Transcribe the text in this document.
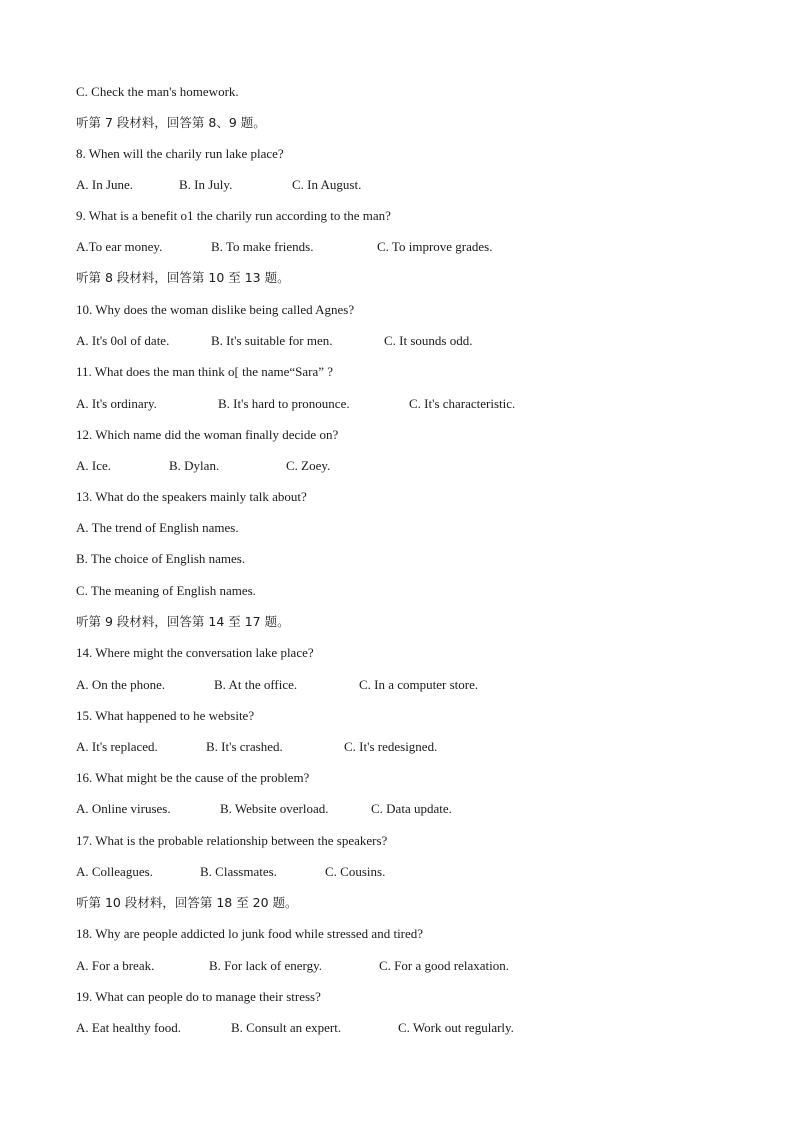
C. Check the man's homework.
听第 7 段材料，回答第 8、9 题。
8. When will the charily run lake place?
A. In June.	B. In July.	C. In August.
9. What is a benefit o1 the charily run according to the man?
A.To ear money.	B. To make friends.	C. To improve grades.
听第 8 段材料，回答第 10 至 13 题。
10. Why does the woman dislike being called Agnes?
A. It's 0ol of date.	B. It's suitable for men.	C. It sounds odd.
11. What does the man think o[ the name“Sara” ?
A. It's ordinary.	B. It's hard to pronounce.	C. It's characteristic.
12. Which name did the woman finally decide on?
A. Ice.	B. Dylan.	C. Zoey.
13. What do the speakers mainly talk about?
A. The trend of English names.
B. The choice of English names.
C. The meaning of English names.
听第 9 段材料，回答第 14 至 17 题。
14. Where might the conversation lake place?
A. On the phone.	B. At the office.	C. In a computer store.
15. What happened to he website?
A. It's replaced.	B. It's crashed.	C. It's redesigned.
16. What might be the cause of the problem?
A. Online viruses.	B. Website overload.	C. Data update.
17. What is the probable relationship between the speakers?
A. Colleagues.	B. Classmates.	C. Cousins.
听第 10 段材料，回答第 18 至 20 题。
18. Why are people addicted lo junk food while stressed and tired?
A. For a break.	B. For lack of energy.	C. For a good relaxation.
19. What can people do to manage their stress?
A. Eat healthy food.	B. Consult an expert.	C. Work out regularly.
